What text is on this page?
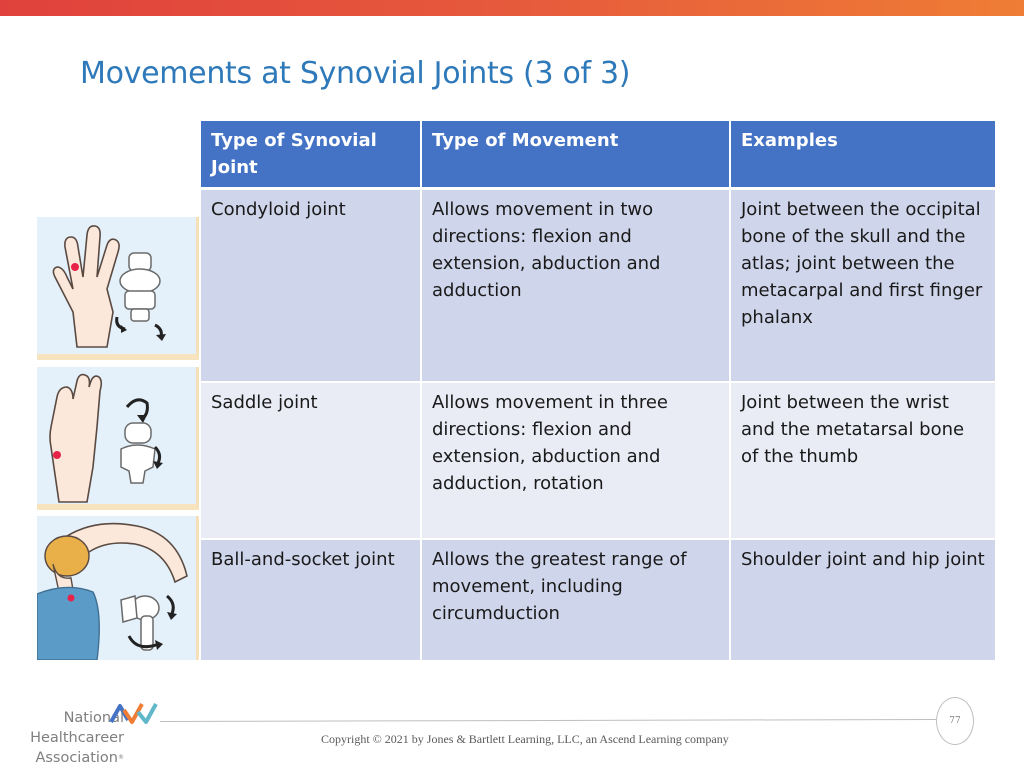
Movements at Synovial Joints (3 of 3)
Type of Synovial Joint	Type of Movement	Examples
Condyloid joint	Allows movement in two directions: flexion and extension, abduction and adduction	Joint between the occipital bone of the skull and the atlas; joint between the metacarpal and first finger phalanx
Saddle joint	Allows movement in three directions: flexion and extension, abduction and adduction, rotation	Joint between the wrist and the metatarsal bone of the thumb
Ball-and-socket joint	Allows the greatest range of movement, including circumduction	Shoulder joint and hip joint
National
Healthcareer
Association®
77
Copyright © 2021 by Jones & Bartlett Learning, LLC, an Ascend Learning company
